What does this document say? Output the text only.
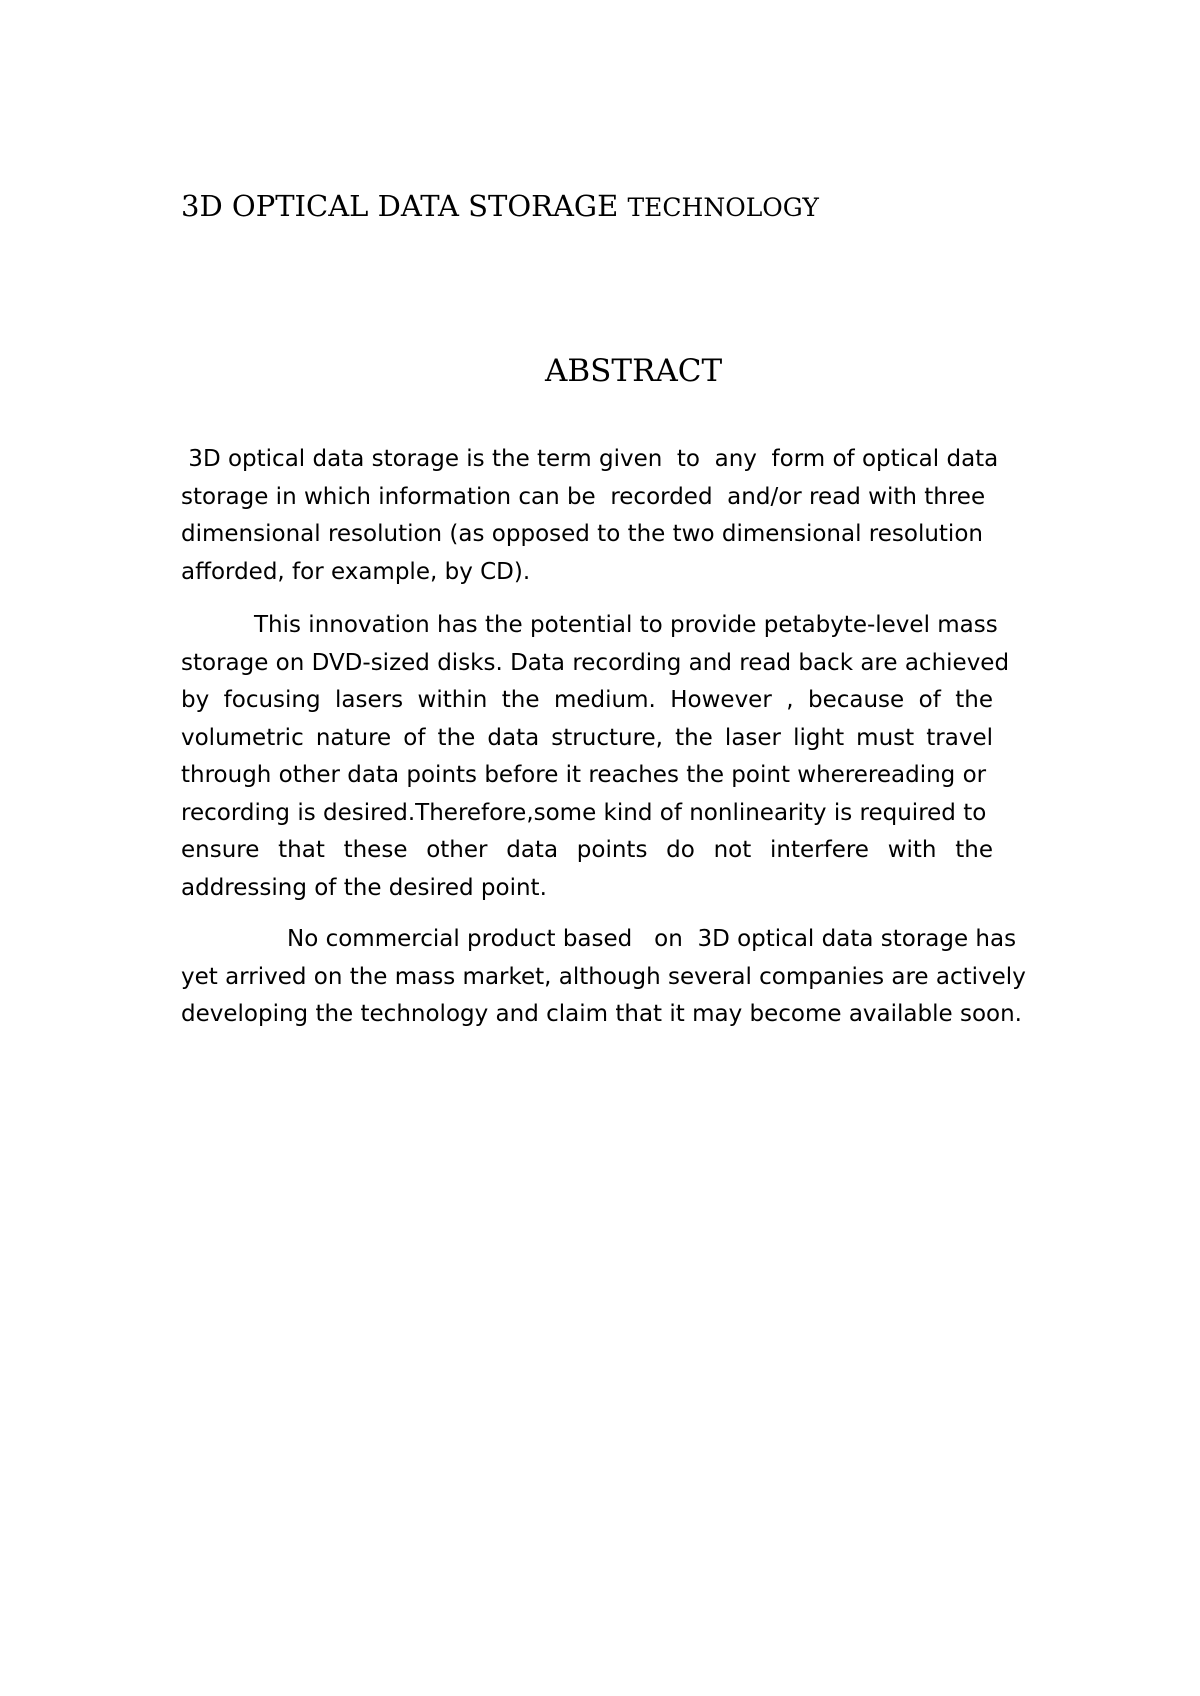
3D OPTICAL DATA STORAGE TECHNOLOGY
ABSTRACT
3D optical data storage is the term given  to  any  form of optical data
storage in which information can be  recorded  and/or read with three
dimensional resolution (as opposed to the two dimensional resolution
afforded, for example, by CD).
This innovation has the potential to provide petabyte-level mass
storage on DVD-sized disks. Data recording and read back are achieved
by focusing lasers within the medium. However , because of the
volumetric nature of the data structure, the laser light must travel
through other data points before it reaches the point wherereading or
recording is desired.Therefore,some kind of nonlinearity is required to
ensure that these other data points do not interfere with the
addressing of the desired point.
No commercial product based   on  3D optical data storage has
yet arrived on the mass market, although several companies are actively
developing the technology and claim that it may become available soon.
